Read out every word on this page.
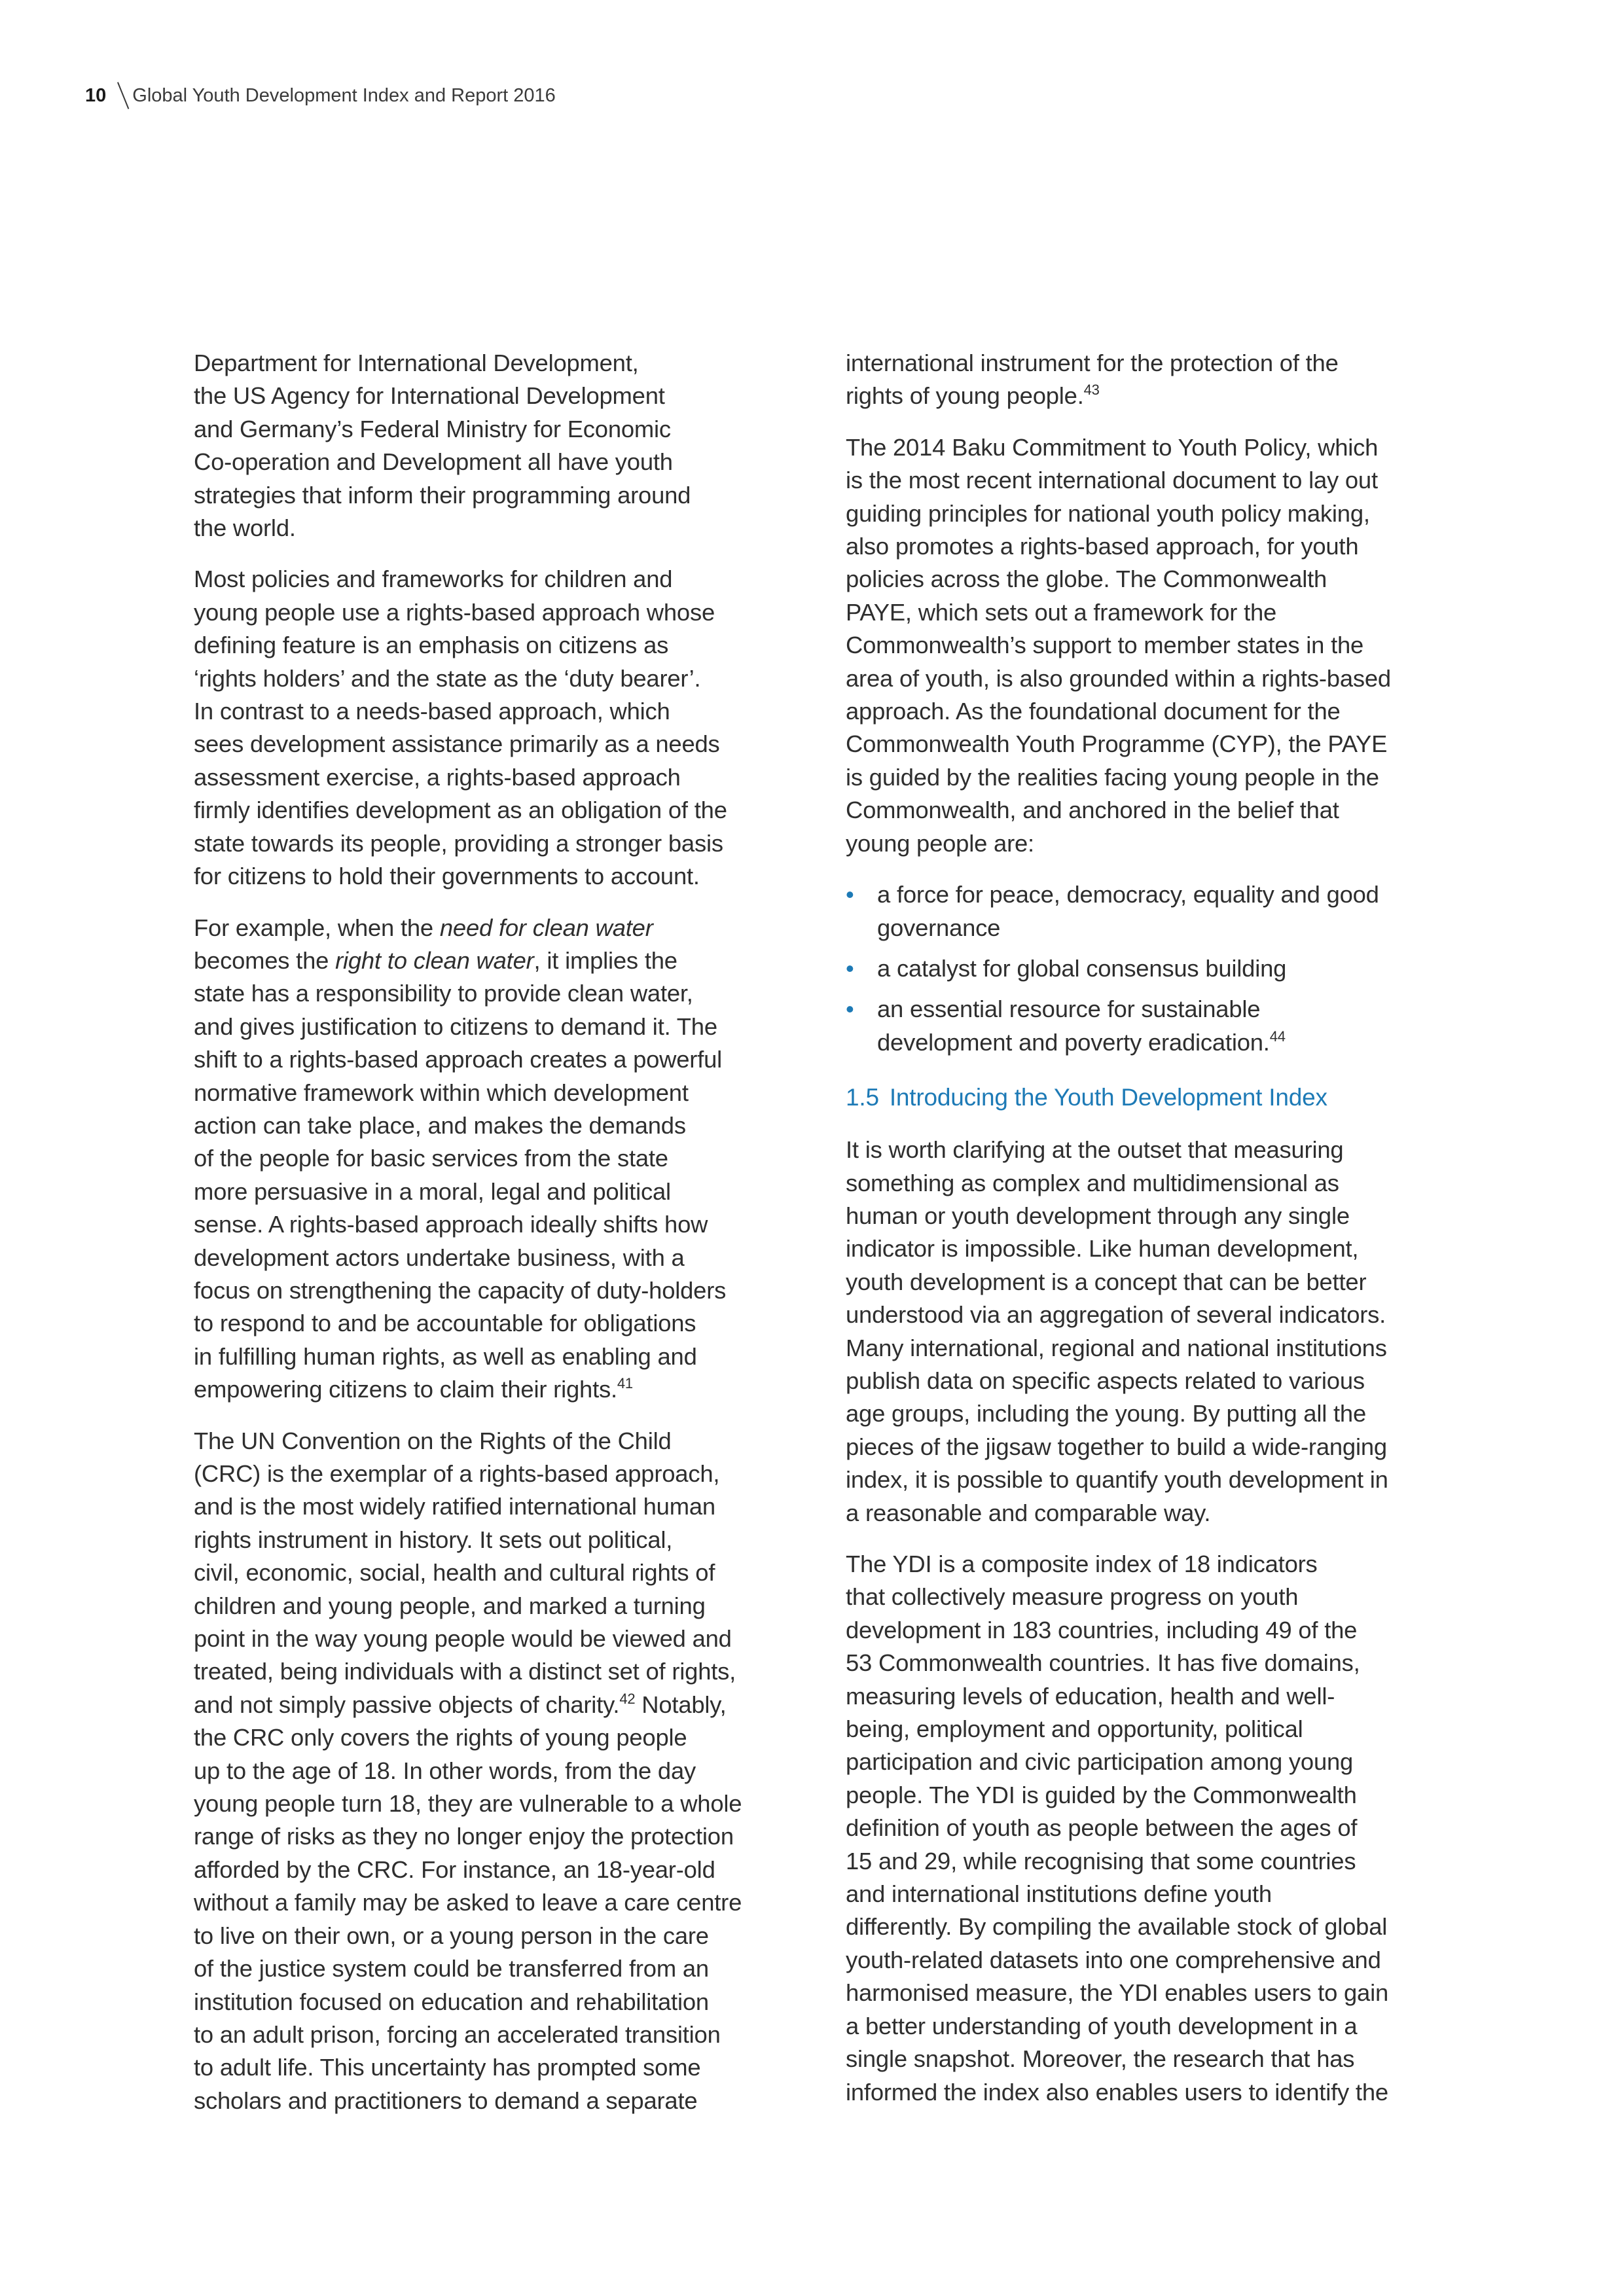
10 Global Youth Development Index and Report 2016

Department for International Development,
the US Agency for International Development
and Germany’s Federal Ministry for Economic
Co-operation and Development all have youth
strategies that inform their programming around
the world.

Most policies and frameworks for children and
young people use a rights-based approach whose
defining feature is an emphasis on citizens as
‘rights holders’ and the state as the ‘duty bearer’.
In contrast to a needs-based approach, which
sees development assistance primarily as a needs
assessment exercise, a rights-based approach
firmly identifies development as an obligation of the
state towards its people, providing a stronger basis
for citizens to hold their governments to account.

For example, when the need for clean water
becomes the right to clean water, it implies the
state has a responsibility to provide clean water,
and gives justification to citizens to demand it. The
shift to a rights-based approach creates a powerful
normative framework within which development
action can take place, and makes the demands
of the people for basic services from the state
more persuasive in a moral, legal and political
sense. A rights-based approach ideally shifts how
development actors undertake business, with a
focus on strengthening the capacity of duty-holders
to respond to and be accountable for obligations
in fulfilling human rights, as well as enabling and
empowering citizens to claim their rights.$^{41}$

The UN Convention on the Rights of the Child
(CRC) is the exemplar of a rights-based approach,
and is the most widely ratified international human
rights instrument in history. It sets out political,
civil, economic, social, health and cultural rights of
children and young people, and marked a turning
point in the way young people would be viewed and
treated, being individuals with a distinct set of rights,
and not simply passive objects of charity.$^{42}$ Notably,
the CRC only covers the rights of young people
up to the age of 18. In other words, from the day
young people turn 18, they are vulnerable to a whole
range of risks as they no longer enjoy the protection
afforded by the CRC. For instance, an 18-year-old
without a family may be asked to leave a care centre
to live on their own, or a young person in the care
of the justice system could be transferred from an
institution focused on education and rehabilitation
to an adult prison, forcing an accelerated transition
to adult life. This uncertainty has prompted some
scholars and practitioners to demand a separate

international instrument for the protection of the
rights of young people.$^{43}$

The 2014 Baku Commitment to Youth Policy, which
is the most recent international document to lay out
guiding principles for national youth policy making,
also promotes a rights-based approach, for youth
policies across the globe. The Commonwealth
PAYE, which sets out a framework for the
Commonwealth’s support to member states in the
area of youth, is also grounded within a rights-based
approach. As the foundational document for the
Commonwealth Youth Programme (CYP), the PAYE
is guided by the realities facing young people in the
Commonwealth, and anchored in the belief that
young people are:

• a force for peace, democracy, equality and good
governance
• a catalyst for global consensus building
• an essential resource for sustainable
development and poverty eradication.$^{44}$
1.5 Introducing the Youth Development Index

It is worth clarifying at the outset that measuring
something as complex and multidimensional as
human or youth development through any single
indicator is impossible. Like human development,
youth development is a concept that can be better
understood via an aggregation of several indicators.
Many international, regional and national institutions
publish data on specific aspects related to various
age groups, including the young. By putting all the
pieces of the jigsaw together to build a wide-ranging
index, it is possible to quantify youth development in
a reasonable and comparable way.

The YDI is a composite index of 18 indicators
that collectively measure progress on youth
development in 183 countries, including 49 of the
53 Commonwealth countries. It has five domains,
measuring levels of education, health and well-
being, employment and opportunity, political
participation and civic participation among young
people. The YDI is guided by the Commonwealth
definition of youth as people between the ages of
15 and 29, while recognising that some countries
and international institutions define youth
differently. By compiling the available stock of global
youth-related datasets into one comprehensive and
harmonised measure, the YDI enables users to gain
a better understanding of youth development in a
single snapshot. Moreover, the research that has
informed the index also enables users to identify the
